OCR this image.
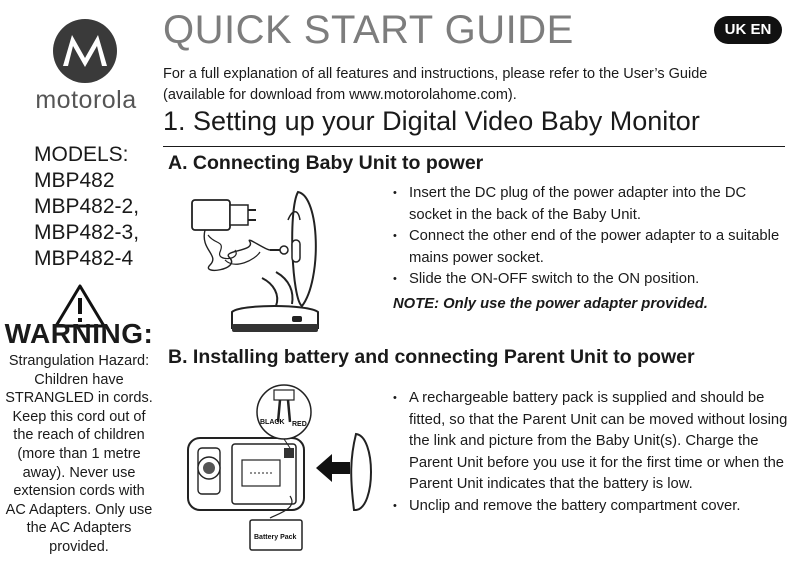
motorola
MODELS:
MBP482
MBP482-2,
MBP482-3,
MBP482-4
WARNING:
Strangulation Hazard: Children have STRANGLED in cords. Keep this cord out of the reach of children (more than 1 metre away). Never use extension cords with AC Adapters. Only use the AC Adapters provided.
QUICK START GUIDE	UK EN
For a full explanation of all features and instructions, please refer to the User’s Guide (available for download from www.motorolahome.com).
1. Setting up your Digital Video Baby Monitor
A. Connecting Baby Unit to power
• Insert the DC plug of the power adapter into the DC socket in the back of the Baby Unit.
• Connect the other end of the power adapter to a suitable mains power socket.
• Slide the ON-OFF switch to the ON position.
NOTE: Only use the power adapter provided.
B. Installing battery and connecting Parent Unit to power
BLACK RED
Battery Pack
• A rechargeable battery pack is supplied and should be fitted, so that the Parent Unit can be moved without losing the link and picture from the Baby Unit(s). Charge the Parent Unit before you use it for the first time or when the Parent Unit indicates that the battery is low.
• Unclip and remove the battery compartment cover.
